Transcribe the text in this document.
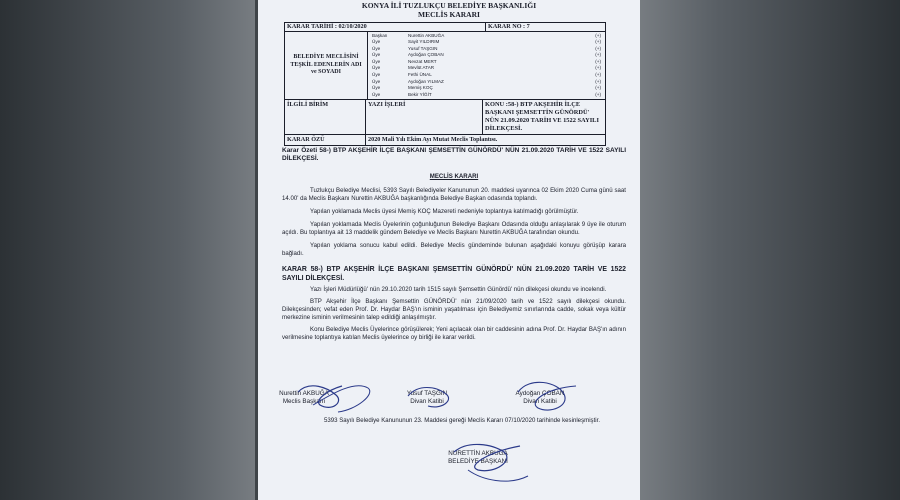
KONYA İLİ TUZLUKÇU BELEDİYE BAŞKANLIĞI
MECLİS KARARI
KARAR TARİHİ : 02/10/2020	KARAR NO : 7

BELEDİYE MECLİSİNİ TEŞKİL EDENLERİN ADI ve SOYADI
Başkan	Nurettin AKBUĞA	(+)
Üye	Sayit YILDIRIM	(+)
Üye	Yusuf TAŞGIN	(+)
Üye	Aydoğan ÇOBAN	(+)
Üye	Nevzat MERT	(+)
Üye	Mevlüt ATAR	(+)
Üye	Fethi ÜNAL	(+)
Üye	Aydoğan YILMAZ	(+)
Üye	Memiş KOÇ	(+)
Üye	Bekir YİĞİT	(+)

İLGİLİ BİRİM	YAZI İŞLERİ	KONU :58-) BTP AKŞEHİR İLÇE BAŞKANI ŞEMSETTİN GÜNÖRDÜ' NÜN 21.09.2020 TARİH VE 1522 SAYILI DİLEKÇESİ.

KARAR ÖZÜ	2020 Mali Yılı Ekim Ayı Mutat Meclis Toplantısı.
Karar Özeti 58-) BTP AKŞEHİR İLÇE BAŞKANI ŞEMSETTİN GÜNÖRDÜ' NÜN 21.09.2020 TARİH VE 1522 SAYILI DİLEKÇESİ.
MECLİS KARARI
Tuzlukçu Belediye Meclisi, 5393 Sayılı Belediyeler Kanununun 20. maddesi uyarınca 02 Ekim 2020 Cuma günü saat 14.00' da Meclis Başkanı Nurettin AKBUĞA başkanlığında Belediye Başkan odasında toplandı.
Yapılan yoklamada Meclis üyesi Memiş KOÇ Mazereti nedeniyle toplantıya katılmadığı görülmüştür.
Yapılan yoklamada Meclis Üyelerinin çoğunluğunun Belediye Başkanı Odasında olduğu anlaşılarak 9 üye ile oturum açıldı. Bu toplantıya ait 13 maddelik gündem Belediye ve Meclis Başkanı Nurettin AKBUĞA tarafından okundu.
Yapılan yoklama sonucu kabul edildi. Belediye Meclis gündeminde bulunan aşağıdaki konuyu görüşüp karara bağladı.
KARAR 58-) BTP AKŞEHİR İLÇE BAŞKANI ŞEMSETTİN GÜNÖRDÜ' NÜN 21.09.2020 TARİH VE 1522 SAYILI DİLEKÇESİ.
Yazı İşleri Müdürlüğü' nün 29.10.2020 tarih 1515 sayılı Şemsettin Günördü' nün dilekçesi okundu ve incelendi.
BTP Akşehir İlçe Başkanı Şemsettin GÜNÖRDÜ' nün 21/09/2020 tarih ve 1522 sayılı dilekçesi okundu. Dilekçesinden; vefat eden Prof. Dr. Haydar BAŞ'ın isminin yaşatılması için Belediyemiz sınırlarında cadde, sokak veya kültür merkezine isminin verilmesinin talep edildiği anlaşılmıştır.
Konu Belediye Meclis Üyelerince görüşülerek; Yeni açılacak olan bir caddesinin adına Prof. Dr. Haydar BAŞ'ın adının verilmesine toplantıya katılan Meclis üyelerince oy birliği ile karar verildi.
Nurettin AKBUĞA
Meclis Başkanı
Yusuf TAŞGIN
Divan Katibi
Aydoğan ÇOBAN
Divan Katibi
5393 Sayılı Belediye Kanununun 23. Maddesi gereği Meclis Kararı 07/10/2020 tarihinde kesinleşmiştir.
NURETTİN AKBUĞA
BELEDİYE BAŞKANI
